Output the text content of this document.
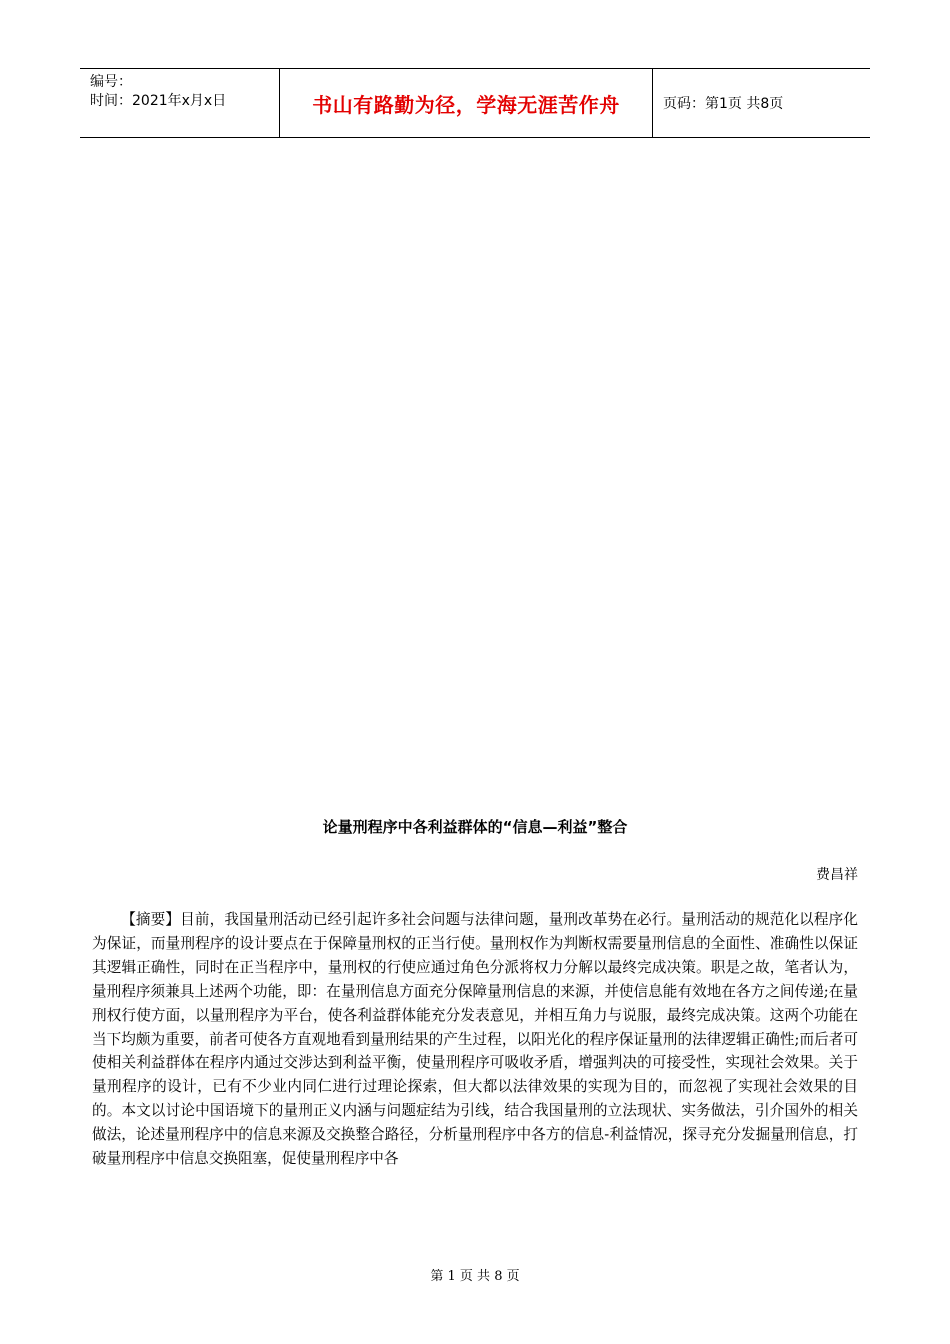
编号：
时间：2021年x月x日	书山有路勤为径，学海无涯苦作舟	页码：第1页 共8页
论量刑程序中各利益群体的“信息—利益”整合
费昌祥

【摘要】目前，我国量刑活动已经引起许多社会问题与法律问题，量刑改革势在必行。量刑活动的规范化以程序化为保证，而量刑程序的设计要点在于保障量刑权的正当行使。量刑权作为判断权需要量刑信息的全面性、准确性以保证其逻辑正确性，同时在正当程序中，量刑权的行使应通过角色分派将权力分解以最终完成决策。职是之故，笔者认为，量刑程序须兼具上述两个功能，即：在量刑信息方面充分保障量刑信息的来源，并使信息能有效地在各方之间传递;在量刑权行使方面，以量刑程序为平台，使各利益群体能充分发表意见，并相互角力与说服，最终完成决策。这两个功能在当下均颇为重要，前者可使各方直观地看到量刑结果的产生过程，以阳光化的程序保证量刑的法律逻辑正确性;而后者可使相关利益群体在程序内通过交涉达到利益平衡，使量刑程序可吸收矛盾，增强判决的可接受性，实现社会效果。关于量刑程序的设计，已有不少业内同仁进行过理论探索，但大都以法律效果的实现为目的，而忽视了实现社会效果的目的。本文以讨论中国语境下的量刑正义内涵与问题症结为引线，结合我国量刑的立法现状、实务做法，引介国外的相关做法，论述量刑程序中的信息来源及交换整合路径，分析量刑程序中各方的信息-利益情况，探寻充分发掘量刑信息，打破量刑程序中信息交换阻塞，促使量刑程序中各

第 1 页 共 8 页
